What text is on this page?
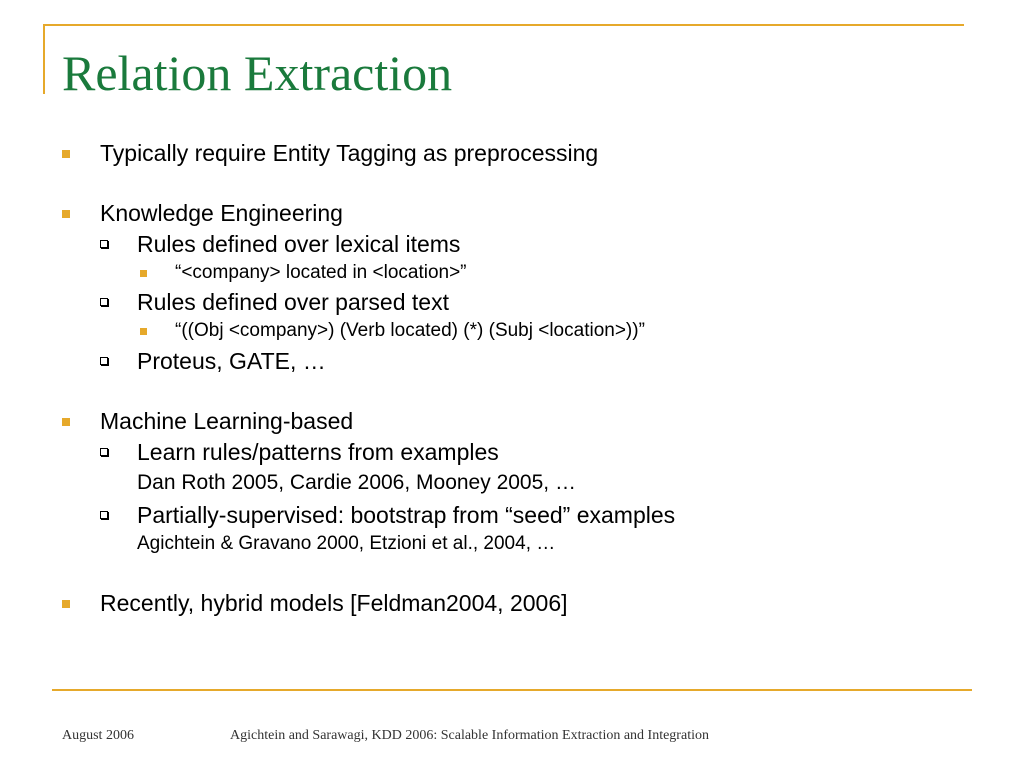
Relation Extraction
Typically require Entity Tagging as preprocessing
Knowledge Engineering
Rules defined over lexical items
“<company> located in <location>”
Rules defined over parsed text
“((Obj <company>) (Verb located) (*) (Subj <location>))”
Proteus, GATE, …
Machine Learning-based
Learn rules/patterns from examples
Dan Roth 2005, Cardie 2006, Mooney 2005, …
Partially-supervised: bootstrap from “seed” examples
Agichtein & Gravano 2000, Etzioni et al., 2004, …
Recently, hybrid models [Feldman2004, 2006]
August 2006	Agichtein and Sarawagi, KDD 2006: Scalable Information Extraction and Integration
